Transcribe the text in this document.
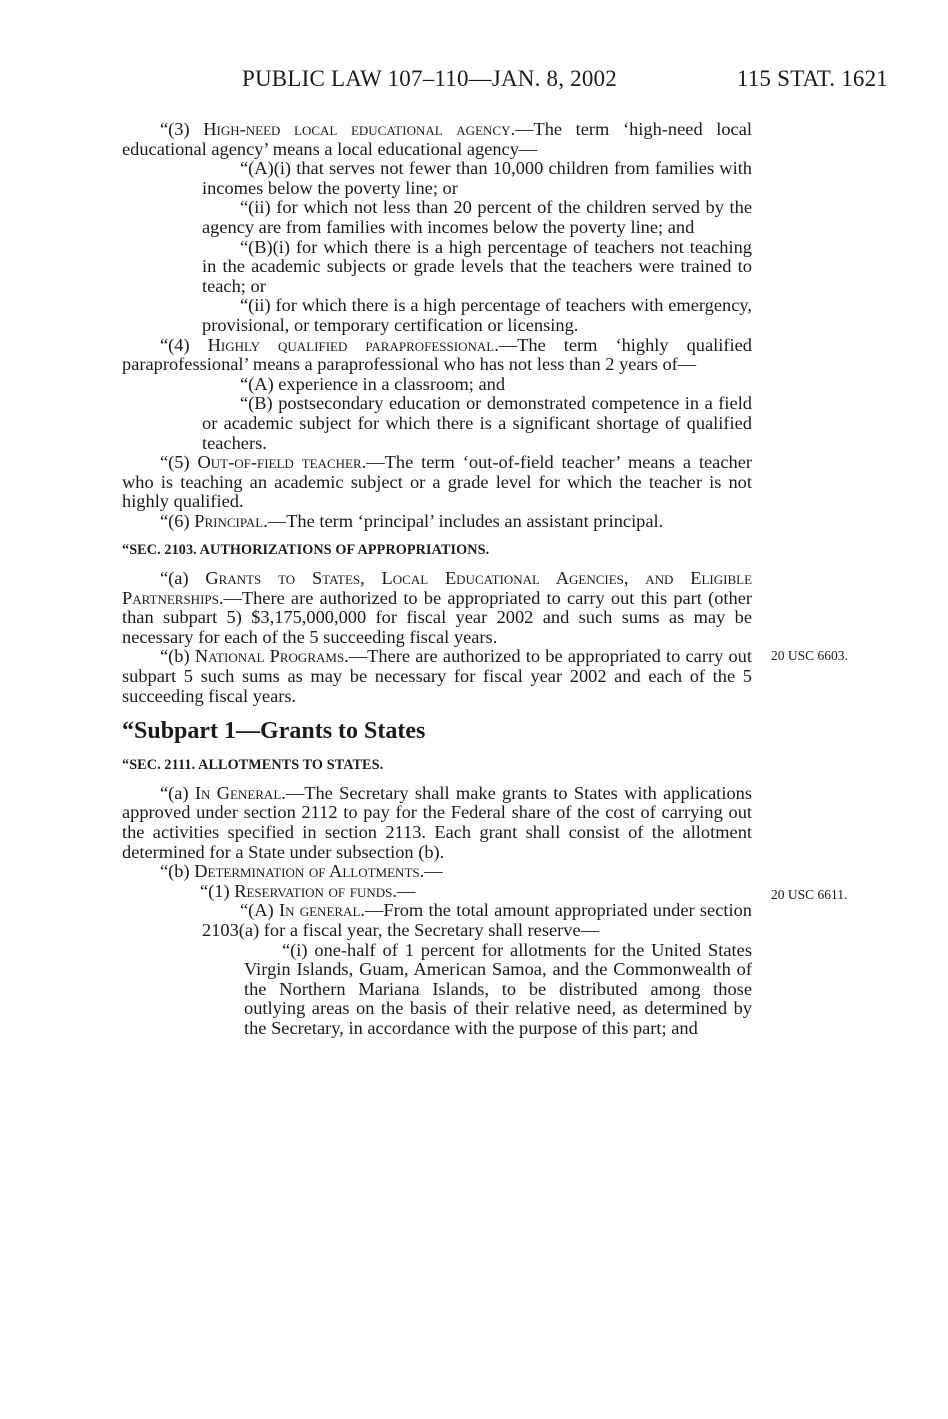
PUBLIC LAW 107–110—JAN. 8, 2002	115 STAT. 1621
20 USC 6603.
20 USC 6611.

“(3) High-need local educational agency.—The term ‘high-need local educational agency’ means a local educational agency—

“(A)(i) that serves not fewer than 10,000 children from families with incomes below the poverty line; or

“(ii) for which not less than 20 percent of the children served by the agency are from families with incomes below the poverty line; and

“(B)(i) for which there is a high percentage of teachers not teaching in the academic subjects or grade levels that the teachers were trained to teach; or

“(ii) for which there is a high percentage of teachers with emergency, provisional, or temporary certification or licensing.

“(4) Highly qualified paraprofessional.—The term ‘highly qualified paraprofessional’ means a paraprofessional who has not less than 2 years of—

“(A) experience in a classroom; and

“(B) postsecondary education or demonstrated competence in a field or academic subject for which there is a significant shortage of qualified teachers.

“(5) Out-of-field teacher.—The term ‘out-of-field teacher’ means a teacher who is teaching an academic subject or a grade level for which the teacher is not highly qualified.

“(6) Principal.—The term ‘principal’ includes an assistant principal.

“SEC. 2103. AUTHORIZATIONS OF APPROPRIATIONS.

“(a) Grants to States, Local Educational Agencies, and Eligible Partnerships.—There are authorized to be appropriated to carry out this part (other than subpart 5) $3,175,000,000 for fiscal year 2002 and such sums as may be necessary for each of the 5 succeeding fiscal years.

“(b) National Programs.—There are authorized to be appropriated to carry out subpart 5 such sums as may be necessary for fiscal year 2002 and each of the 5 succeeding fiscal years.

“Subpart 1—Grants to States

“SEC. 2111. ALLOTMENTS TO STATES.

“(a) In General.—The Secretary shall make grants to States with applications approved under section 2112 to pay for the Federal share of the cost of carrying out the activities specified in section 2113. Each grant shall consist of the allotment determined for a State under subsection (b).

“(b) Determination of Allotments.—

“(1) Reservation of funds.—

“(A) In general.—From the total amount appropriated under section 2103(a) for a fiscal year, the Secretary shall reserve—

“(i) one-half of 1 percent for allotments for the United States Virgin Islands, Guam, American Samoa, and the Commonwealth of the Northern Mariana Islands, to be distributed among those outlying areas on the basis of their relative need, as determined by the Secretary, in accordance with the purpose of this part; and
